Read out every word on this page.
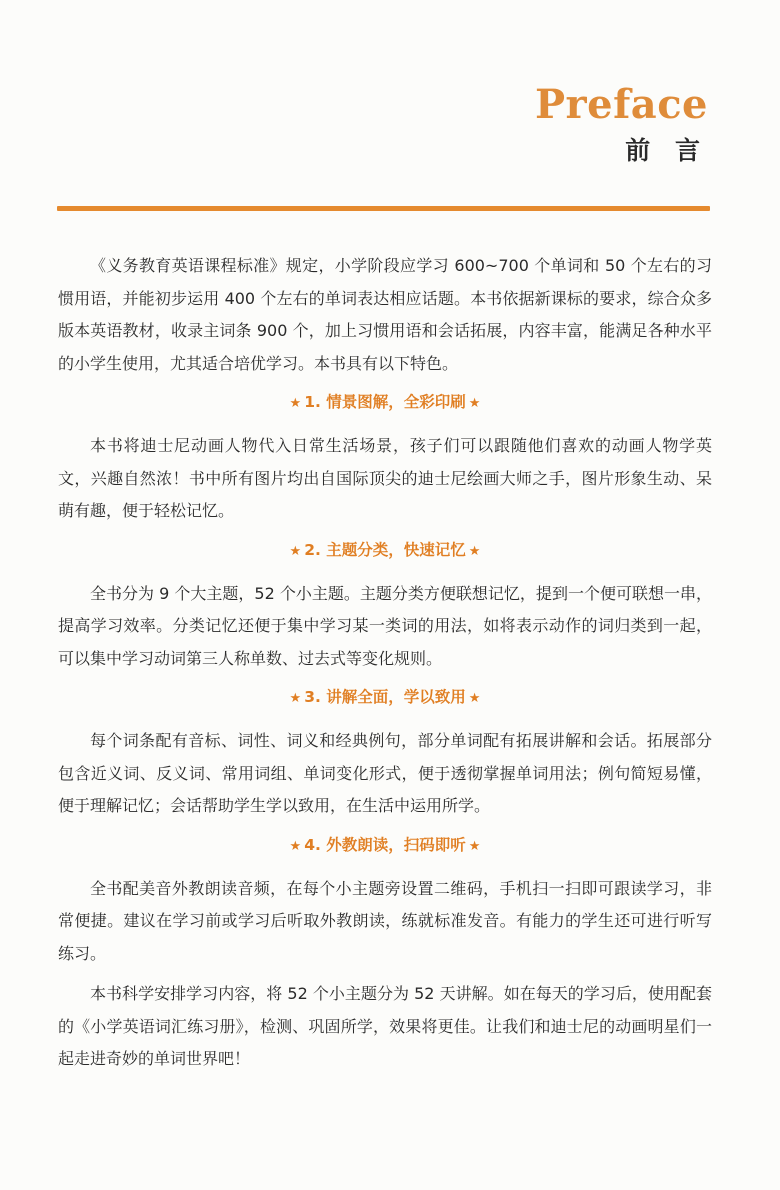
Preface
前 言

《义务教育英语课程标准》规定，小学阶段应学习 600~700 个单词和 50 个左右的习惯用语，并能初步运用 400 个左右的单词表达相应话题。本书依据新课标的要求，综合众多版本英语教材，收录主词条 900 个，加上习惯用语和会话拓展，内容丰富，能满足各种水平的小学生使用，尤其适合培优学习。本书具有以下特色。

★ 1. 情景图解，全彩印刷 ★

本书将迪士尼动画人物代入日常生活场景，孩子们可以跟随他们喜欢的动画人物学英文，兴趣自然浓！书中所有图片均出自国际顶尖的迪士尼绘画大师之手，图片形象生动、呆萌有趣，便于轻松记忆。

★ 2. 主题分类，快速记忆 ★

全书分为 9 个大主题，52 个小主题。主题分类方便联想记忆，提到一个便可联想一串，提高学习效率。分类记忆还便于集中学习某一类词的用法，如将表示动作的词归类到一起，可以集中学习动词第三人称单数、过去式等变化规则。

★ 3. 讲解全面，学以致用 ★

每个词条配有音标、词性、词义和经典例句，部分单词配有拓展讲解和会话。拓展部分包含近义词、反义词、常用词组、单词变化形式，便于透彻掌握单词用法；例句简短易懂，便于理解记忆；会话帮助学生学以致用，在生活中运用所学。

★ 4. 外教朗读，扫码即听 ★

全书配美音外教朗读音频，在每个小主题旁设置二维码，手机扫一扫即可跟读学习，非常便捷。建议在学习前或学习后听取外教朗读，练就标准发音。有能力的学生还可进行听写练习。

本书科学安排学习内容，将 52 个小主题分为 52 天讲解。如在每天的学习后，使用配套的《小学英语词汇练习册》，检测、巩固所学，效果将更佳。让我们和迪士尼的动画明星们一起走进奇妙的单词世界吧！
